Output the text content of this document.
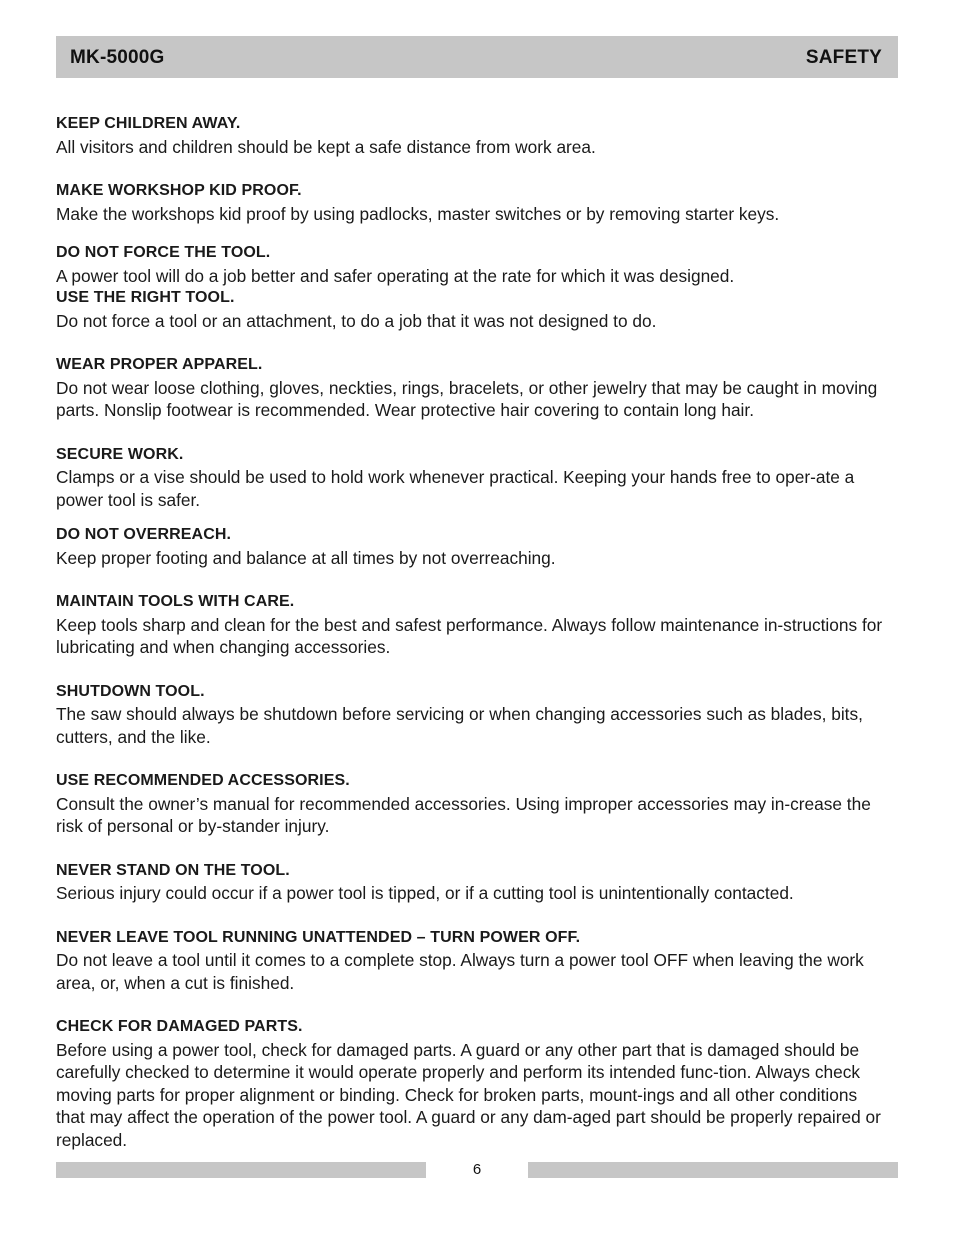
MK-5000G	SAFETY
KEEP CHILDREN AWAY.
All visitors and children should be kept a safe distance from work area.
MAKE WORKSHOP KID PROOF.
Make the workshops kid proof by using padlocks, master switches or by removing starter keys.
DO NOT FORCE THE TOOL.
A power tool will do a job better and safer operating at the rate for which it was designed.
USE THE RIGHT TOOL.
Do not force a tool or an attachment, to do a job that it was not designed to do.
WEAR PROPER APPAREL.
Do not wear loose clothing, gloves, neckties, rings, bracelets, or other jewelry that may be caught in moving parts. Nonslip footwear is recommended. Wear protective hair covering to contain long hair.
SECURE WORK.
Clamps or a vise should be used to hold work whenever practical. Keeping your hands free to oper-ate a power tool is safer.
DO NOT OVERREACH.
Keep proper footing and balance at all times by not overreaching.
MAINTAIN TOOLS WITH CARE.
Keep tools sharp and clean for the best and safest performance. Always follow maintenance in-structions for lubricating and when changing accessories.
SHUTDOWN TOOL.
The saw should always be shutdown before servicing or when changing accessories such as blades, bits, cutters, and the like.
USE RECOMMENDED ACCESSORIES.
Consult the owner’s manual for recommended accessories. Using improper accessories may in-crease the risk of personal or by-stander injury.
NEVER STAND ON THE TOOL.
Serious injury could occur if a power tool is tipped, or if a cutting tool is unintentionally contacted.
NEVER LEAVE TOOL RUNNING UNATTENDED – TURN POWER OFF.
Do not leave a tool until it comes to a complete stop. Always turn a power tool OFF when leaving the work area, or, when a cut is finished.
CHECK FOR DAMAGED PARTS.
Before using a power tool, check for damaged parts. A guard or any other part that is damaged should be carefully checked to determine it would operate properly and perform its intended func-tion. Always check moving parts for proper alignment or binding. Check for broken parts, mount-ings and all other conditions that may affect the operation of the power tool. A guard or any dam-aged part should be properly repaired or replaced.
6
